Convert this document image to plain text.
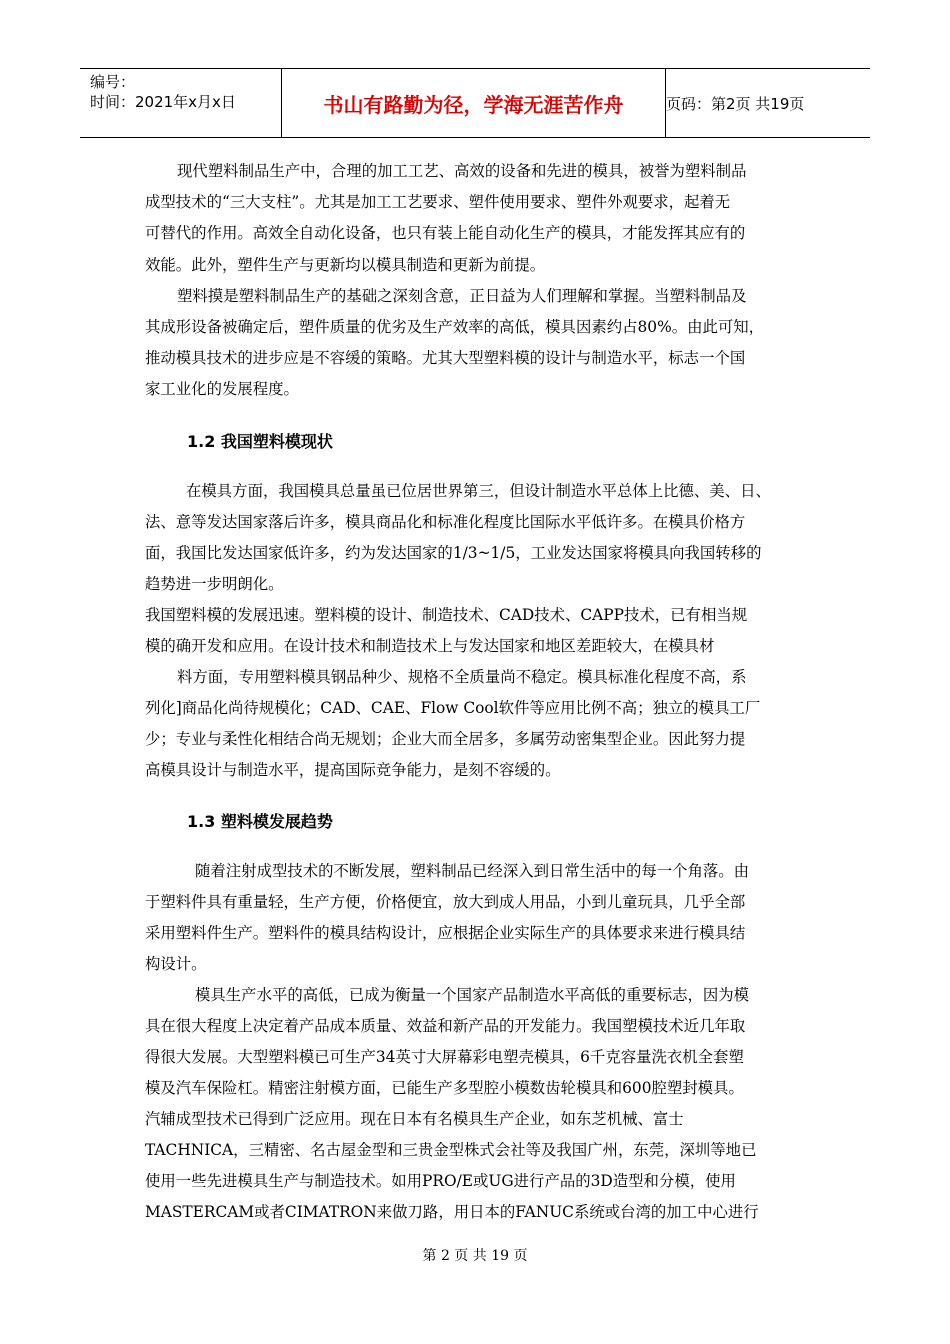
编号：
时间：2021年x月x日	书山有路勤为径，学海无涯苦作舟	页码：第2页 共19页
现代塑料制品生产中，合理的加工工艺、高效的设备和先进的模具，被誉为塑料制品
成型技术的“三大支柱”。尤其是加工工艺要求、塑件使用要求、塑件外观要求，起着无
可替代的作用。高效全自动化设备，也只有装上能自动化生产的模具，才能发挥其应有的
效能。此外，塑件生产与更新均以模具制造和更新为前提。
塑料摸是塑料制品生产的基础之深刻含意，正日益为人们理解和掌握。当塑料制品及
其成形设备被确定后，塑件质量的优劣及生产效率的高低，模具因素约占80%。由此可知，
推动模具技术的进步应是不容缓的策略。尤其大型塑料模的设计与制造水平，标志一个国
家工业化的发展程度。
1.2 我国塑料模现状
在模具方面，我国模具总量虽已位居世界第三，但设计制造水平总体上比德、美、日、
法、意等发达国家落后许多，模具商品化和标准化程度比国际水平低许多。在模具价格方
面，我国比发达国家低许多，约为发达国家的1/3~1/5，工业发达国家将模具向我国转移的
趋势进一步明朗化。
我国塑料模的发展迅速。塑料模的设计、制造技术、CAD技术、CAPP技术，已有相当规
模的确开发和应用。在设计技术和制造技术上与发达国家和地区差距较大，在模具材
料方面，专用塑料模具钢品种少、规格不全质量尚不稳定。模具标准化程度不高，系
列化]商品化尚待规模化；CAD、CAE、Flow Cool软件等应用比例不高；独立的模具工厂
少；专业与柔性化相结合尚无规划；企业大而全居多，多属劳动密集型企业。因此努力提
高模具设计与制造水平，提高国际竞争能力，是刻不容缓的。
1.3 塑料模发展趋势
随着注射成型技术的不断发展，塑料制品已经深入到日常生活中的每一个角落。由
于塑料件具有重量轻，生产方便，价格便宜，放大到成人用品，小到儿童玩具，几乎全部
采用塑料件生产。塑料件的模具结构设计，应根据企业实际生产的具体要求来进行模具结
构设计。
模具生产水平的高低，已成为衡量一个国家产品制造水平高低的重要标志，因为模
具在很大程度上决定着产品成本质量、效益和新产品的开发能力。我国塑模技术近几年取
得很大发展。大型塑料模已可生产34英寸大屏幕彩电塑壳模具，6千克容量洗衣机全套塑
模及汽车保险杠。精密注射模方面，已能生产多型腔小模数齿轮模具和600腔塑封模具。
汽辅成型技术已得到广泛应用。现在日本有名模具生产企业，如东芝机械、富士
TACHNICA，三精密、名古屋金型和三贵金型株式会社等及我国广州，东莞，深圳等地已
使用一些先进模具生产与制造技术。如用PRO/E或UG进行产品的3D造型和分模，使用
MASTERCAM或者CIMATRON来做刀路，用日本的FANUC系统或台湾的加工中心进行
第 2 页 共 19 页
